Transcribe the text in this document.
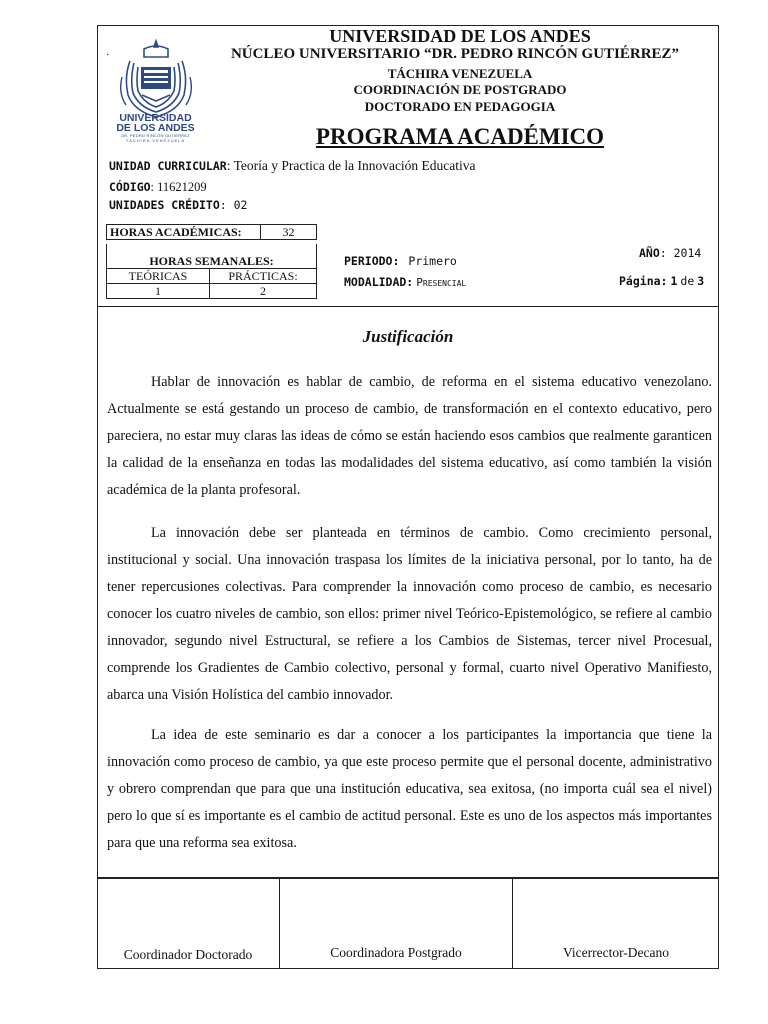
·
UNIVERSIDAD
DE LOS ANDES
DR. PEDRO RINCÓN GUTIÉRREZ
TÁCHIRA VENEZUELA
UNIVERSIDAD DE LOS ANDES
NÚCLEO UNIVERSITARIO “DR. PEDRO RINCÓN GUTIÉRREZ”
TÁCHIRA VENEZUELA
COORDINACIÓN DE POSTGRADO
DOCTORADO EN PEDAGOGIA
PROGRAMA ACADÉMICO
UNIDAD CURRICULAR: Teoría y Practica de la Innovación Educativa
CÓDIGO: 11621209
UNIDADES CRÉDITO: 02
HORAS ACADÉMICAS:	32
HORAS SEMANALES:	
TEÓRICAS	PRÁCTICAS:
1	2
PERIODO: Primero
MODALIDAD: Presencial
AÑO: 2014
Página: 1 de 3
Justificación

Hablar de innovación es hablar de cambio, de reforma en el sistema educativo venezolano. Actualmente se está gestando un proceso de cambio, de transformación en el contexto educativo, pero pareciera, no estar muy claras las ideas de cómo se están haciendo esos cambios que realmente garanticen la calidad de la enseñanza en todas las modalidades del sistema educativo, así como también la visión académica de la planta profesoral.

La innovación debe ser planteada en términos de cambio. Como crecimiento personal, institucional y social. Una innovación traspasa los límites de la iniciativa personal, por lo tanto, ha de tener repercusiones colectivas. Para comprender la innovación como proceso de cambio, es necesario conocer los cuatro niveles de cambio, son ellos: primer nivel Teórico-Epistemológico, se refiere al cambio innovador, segundo nivel Estructural, se refiere a los Cambios de Sistemas, tercer nivel Procesual, comprende los Gradientes de Cambio colectivo, personal y formal, cuarto nivel Operativo Manifiesto, abarca una Visión Holística del cambio innovador.

La idea de este seminario es dar a conocer a los participantes la importancia que tiene la innovación como proceso de cambio, ya que este proceso permite que el personal docente, administrativo y obrero comprendan que para que una institución educativa, sea exitosa, (no importa cuál sea el nivel) pero lo que sí es importante es el cambio de actitud personal. Este es uno de los aspectos más importantes para que una reforma sea exitosa.

Coordinador Doctorado	Coordinadora Postgrado	Vicerrector-Decano
